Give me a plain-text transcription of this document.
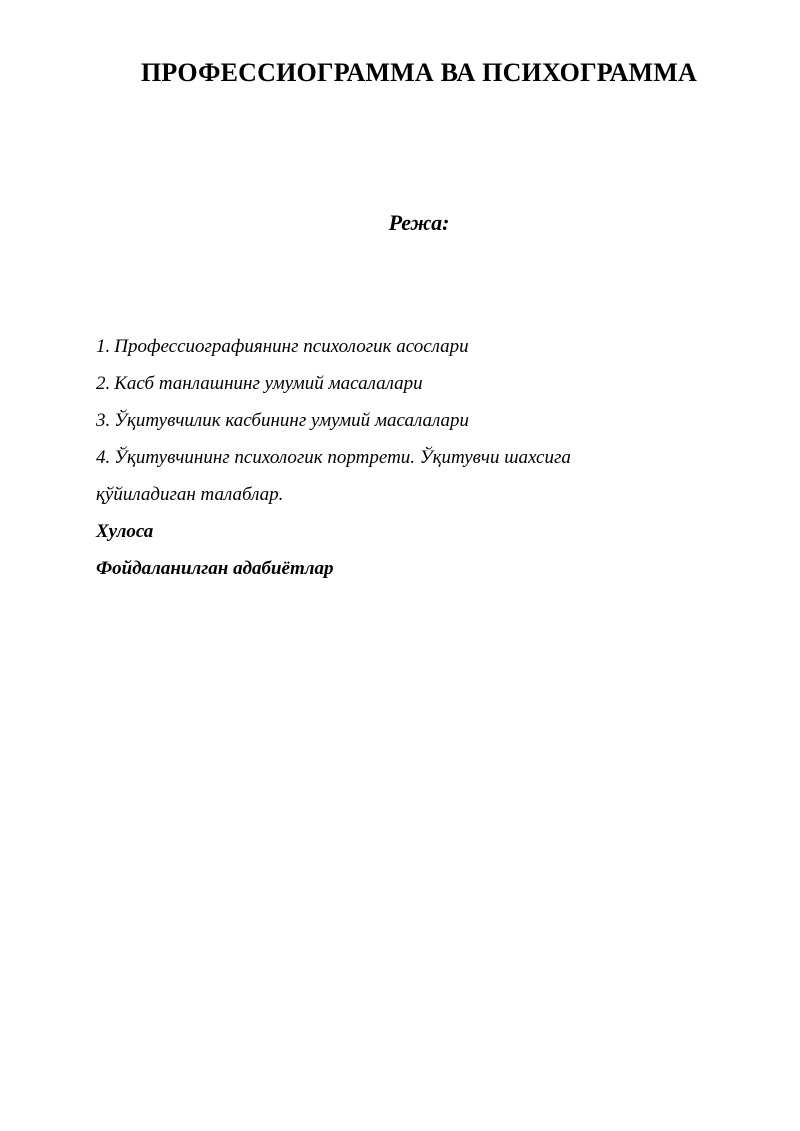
ПРОФЕССИОГРАММА ВА ПСИХОГРАММА
Режа:
1. Профессиографиянинг психологик асослари
2. Касб танлашнинг умумий масалалари
3. Ўқитувчилик касбининг умумий масалалари
4. Ўқитувчининг психологик портрети. Ўқитувчи шахсига
қўйиладиган талаблар.
Хулоса
Фойдаланилган адабиётлар
